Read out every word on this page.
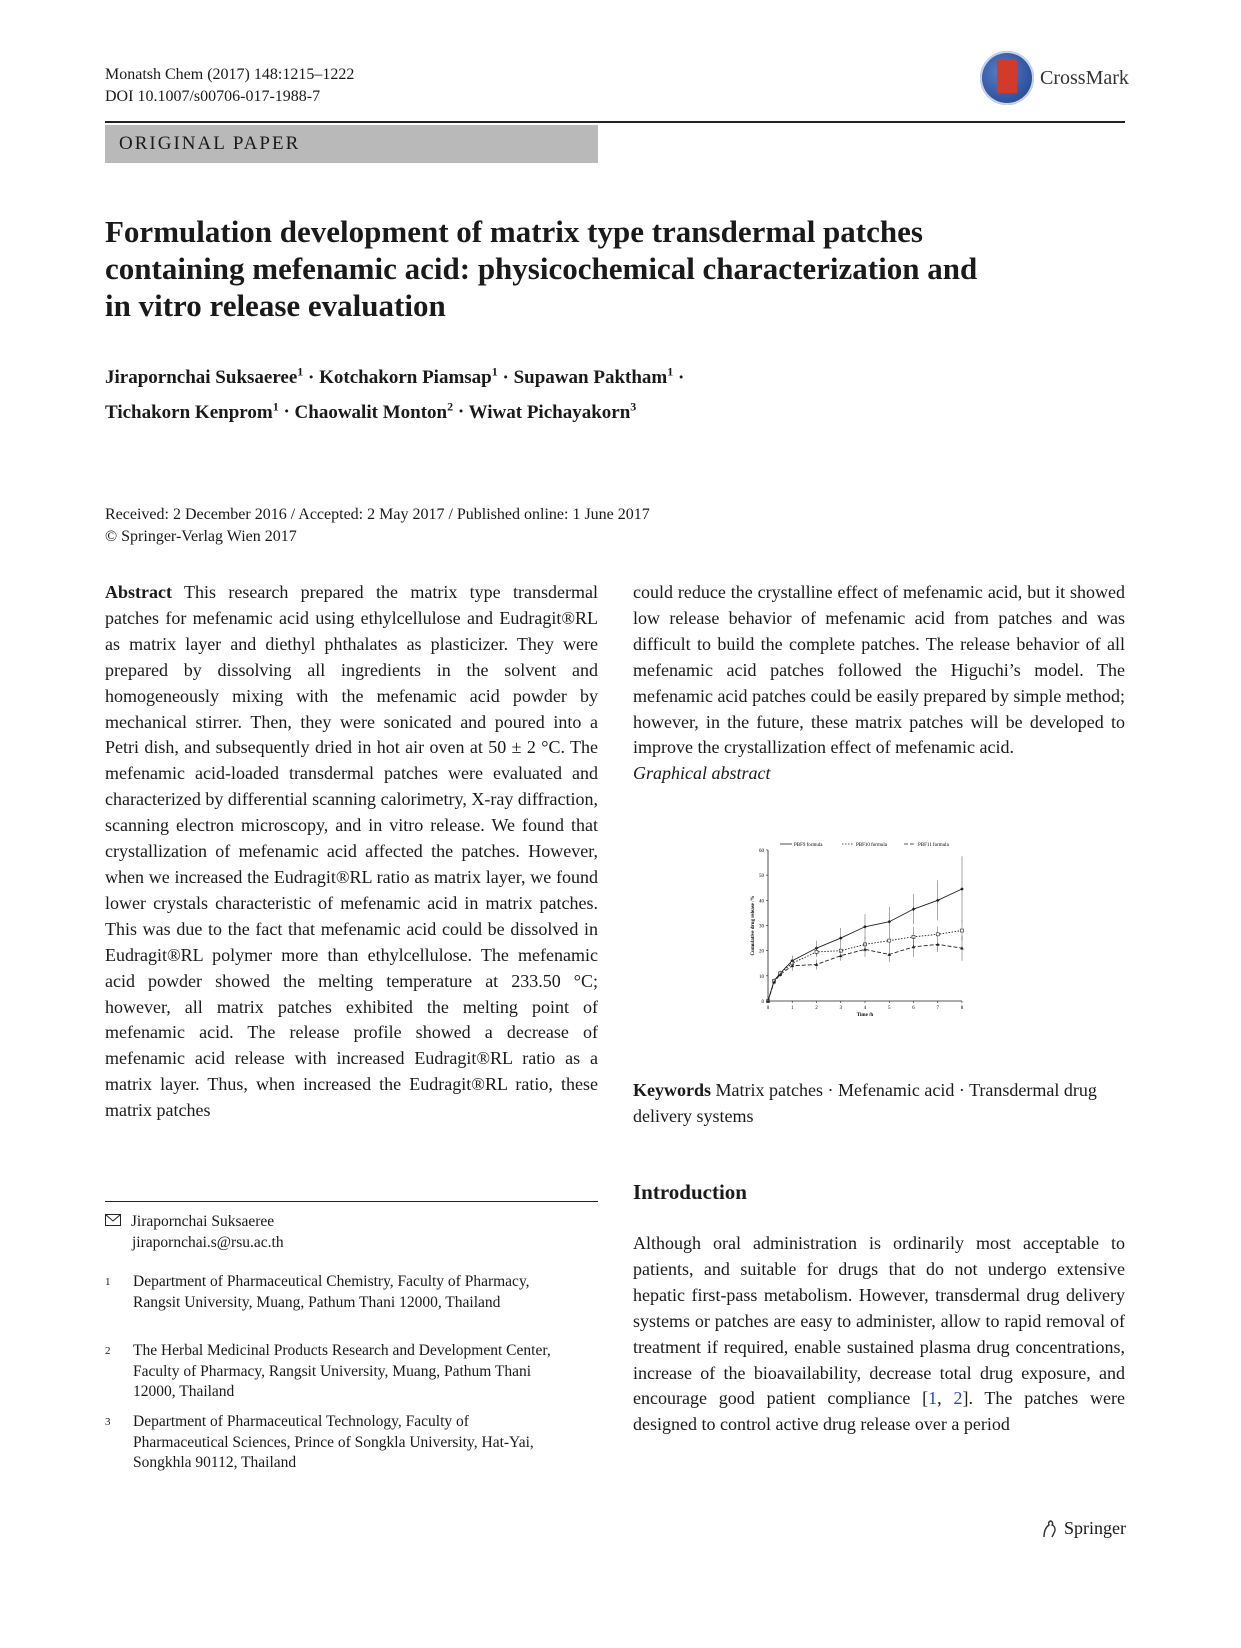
Monatsh Chem (2017) 148:1215–1222
DOI 10.1007/s00706-017-1988-7
CrossMark
ORIGINAL PAPER
Formulation development of matrix type transdermal patches containing mefenamic acid: physicochemical characterization and in vitro release evaluation
Jirapornchai Suksaeree$^1$ · Kotchakorn Piamsap$^1$ · Supawan Paktham$^1$ ·
Tichakorn Kenprom$^1$ · Chaowalit Monton$^2$ · Wiwat Pichayakorn$^3$
Received: 2 December 2016 / Accepted: 2 May 2017 / Published online: 1 June 2017
© Springer-Verlag Wien 2017

Abstract This research prepared the matrix type transdermal patches for mefenamic acid using ethylcellulose and Eudragit®RL as matrix layer and diethyl phthalates as plasticizer. They were prepared by dissolving all ingredients in the solvent and homogeneously mixing with the mefenamic acid powder by mechanical stirrer. Then, they were sonicated and poured into a Petri dish, and subsequently dried in hot air oven at 50 ± 2 °C. The mefenamic acid-loaded transdermal patches were evaluated and characterized by differential scanning calorimetry, X-ray diffraction, scanning electron microscopy, and in vitro release. We found that crystallization of mefenamic acid affected the patches. However, when we increased the Eudragit®RL ratio as matrix layer, we found lower crystals characteristic of mefenamic acid in matrix patches. This was due to the fact that mefenamic acid could be dissolved in Eudragit®RL polymer more than ethylcellulose. The mefenamic acid powder showed the melting temperature at 233.50 °C; however, all matrix patches exhibited the melting point of mefenamic acid. The release profile showed a decrease of mefenamic acid release with increased Eudragit®RL ratio as a matrix layer. Thus, when increased the Eudragit®RL ratio, these matrix patches

could reduce the crystalline effect of mefenamic acid, but it showed low release behavior of mefenamic acid from patches and was difficult to build the complete patches. The release behavior of all mefenamic acid patches followed the Higuchi’s model. The mefenamic acid patches could be easily prepared by simple method; however, in the future, these matrix patches will be developed to improve the crystallization effect of mefenamic acid.

Graphical abstract

0
10
20
30
40
50
60
0	1	2	3	4	5	6	7	8
Time /h
Cumulative drug release /%
PBF9 formula	PBF10 formula	PBF11 formula
Keywords Matrix patches · Mefenamic acid · Transdermal drug delivery systems
Introduction
Although oral administration is ordinarily most acceptable to patients, and suitable for drugs that do not undergo extensive hepatic first-pass metabolism. However, transdermal drug delivery systems or patches are easy to administer, allow to rapid removal of treatment if required, enable sustained plasma drug concentrations, increase of the bioavailability, decrease total drug exposure, and encourage good patient compliance [1, 2]. The patches were designed to control active drug release over a period
Jirapornchai Suksaeree
jirapornchai.s@rsu.ac.th
1	Department of Pharmaceutical Chemistry, Faculty of Pharmacy, Rangsit University, Muang, Pathum Thani 12000, Thailand
2	The Herbal Medicinal Products Research and Development Center, Faculty of Pharmacy, Rangsit University, Muang, Pathum Thani 12000, Thailand
3	Department of Pharmaceutical Technology, Faculty of Pharmaceutical Sciences, Prince of Songkla University, Hat-Yai, Songkhla 90112, Thailand
Springer
